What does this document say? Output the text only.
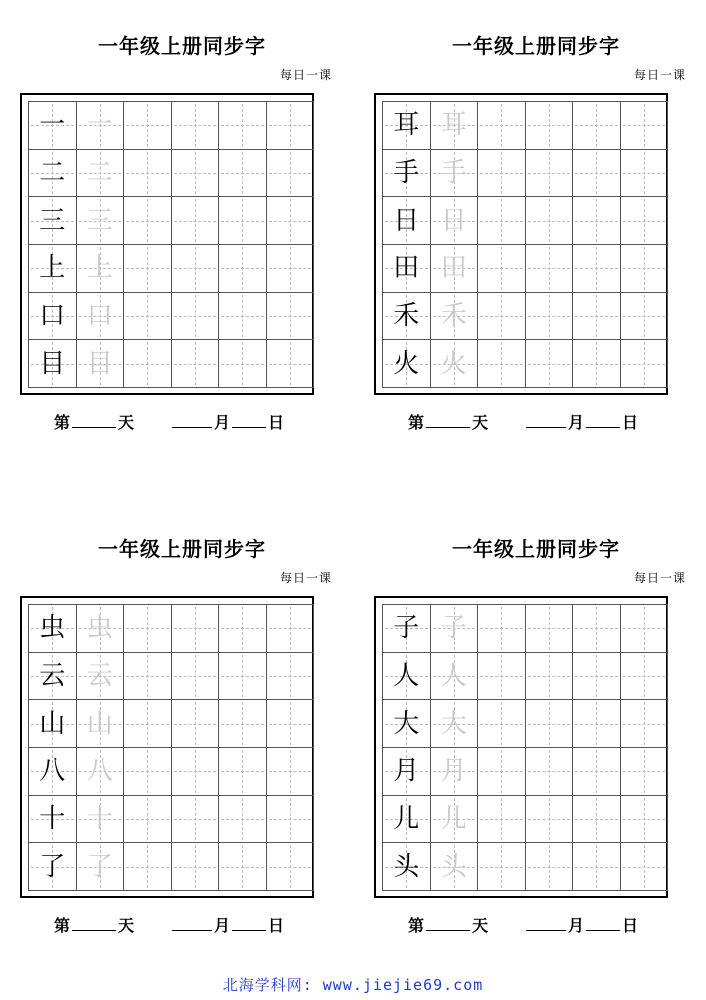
一年级上册同步字
每日一课
一 一
二 二
三 三
上 上
口 口
目 目
第	天	月 日
一年级上册同步字
每日一课
耳 耳
手 手
日 日
田 田
禾 禾
火 火
第	天	月 日
一年级上册同步字
每日一课
虫 虫
云 云
山 山
八 八
十 十
了 了
第	天	月 日
一年级上册同步字
每日一课
子 子
人 人
大 大
月 月
儿 儿
头 头
第	天	月 日
北海学科网: www.jiejie69.com
